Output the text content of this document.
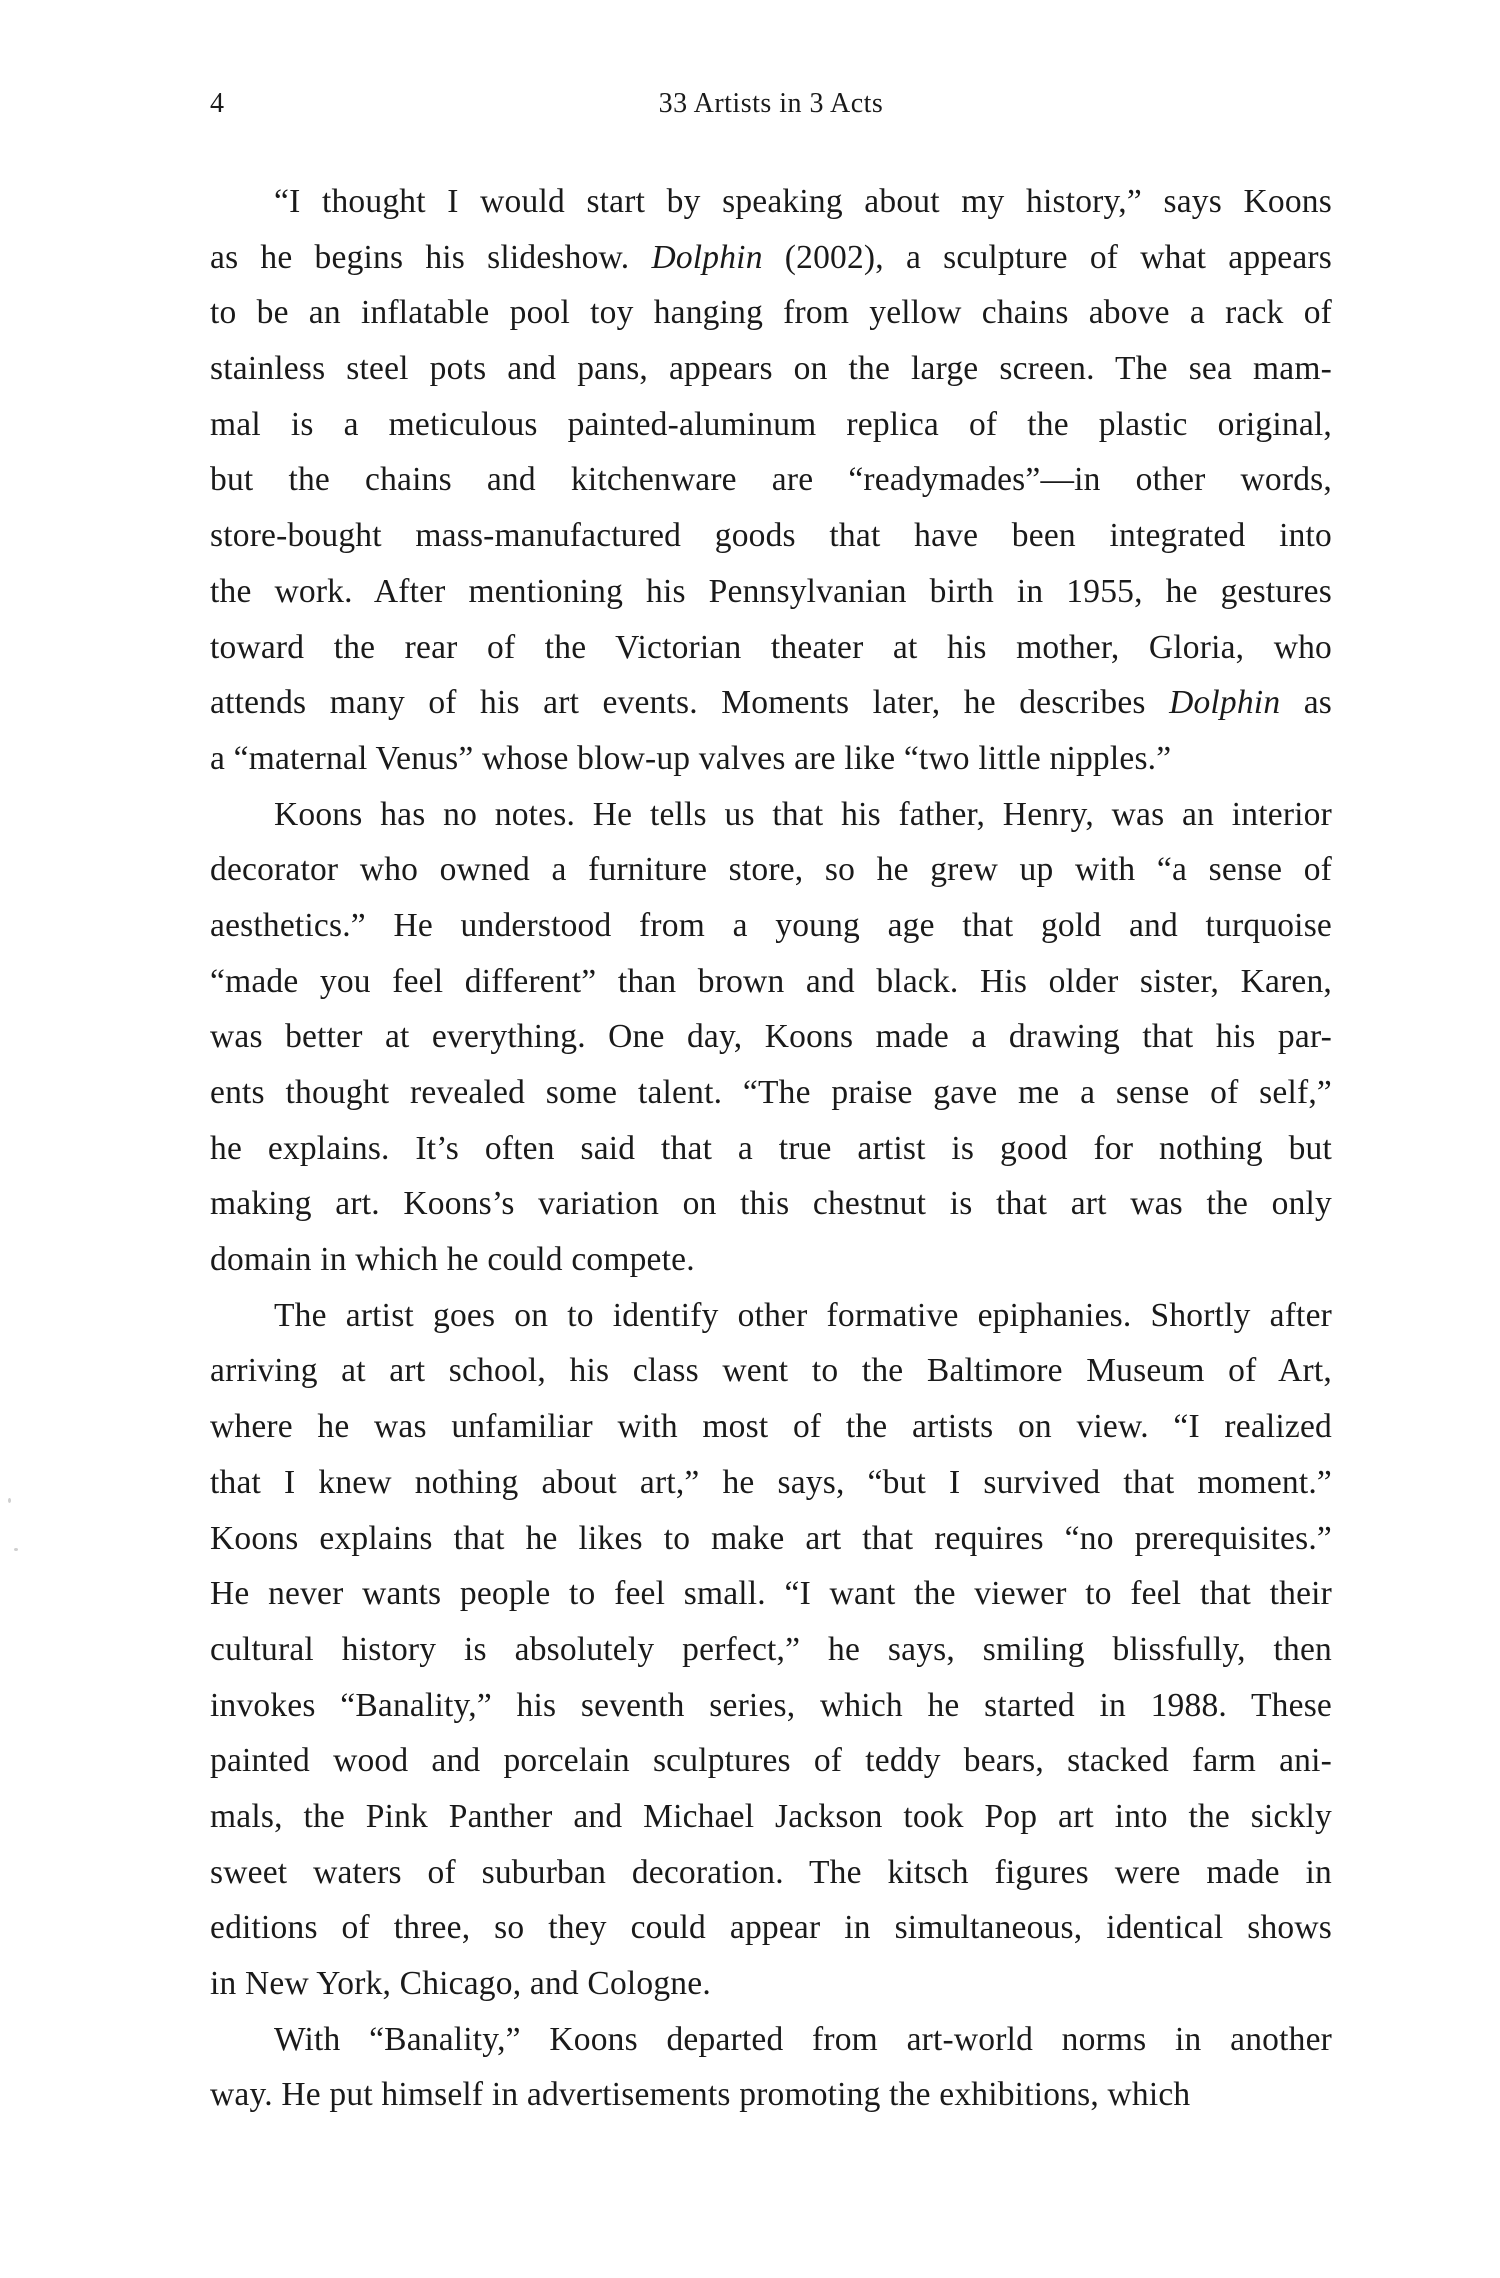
4	33 Artists in 3 Acts
“I thought I would start by speaking about my history,” says Koons
as he begins his slideshow. Dolphin (2002), a sculpture of what appears
to be an inflatable pool toy hanging from yellow chains above a rack of
stainless steel pots and pans, appears on the large screen. The sea mam-
mal is a meticulous painted-aluminum replica of the plastic original,
but the chains and kitchenware are “readymades”—in other words,
store-bought mass-manufactured goods that have been integrated into
the work. After mentioning his Pennsylvanian birth in 1955, he gestures
toward the rear of the Victorian theater at his mother, Gloria, who
attends many of his art events. Moments later, he describes Dolphin as
a “maternal Venus” whose blow-up valves are like “two little nipples.”
Koons has no notes. He tells us that his father, Henry, was an interior
decorator who owned a furniture store, so he grew up with “a sense of
aesthetics.” He understood from a young age that gold and turquoise
“made you feel different” than brown and black. His older sister, Karen,
was better at everything. One day, Koons made a drawing that his par-
ents thought revealed some talent. “The praise gave me a sense of self,”
he explains. It’s often said that a true artist is good for nothing but
making art. Koons’s variation on this chestnut is that art was the only
domain in which he could compete.
The artist goes on to identify other formative epiphanies. Shortly after
arriving at art school, his class went to the Baltimore Museum of Art,
where he was unfamiliar with most of the artists on view. “I realized
that I knew nothing about art,” he says, “but I survived that moment.”
Koons explains that he likes to make art that requires “no prerequisites.”
He never wants people to feel small. “I want the viewer to feel that their
cultural history is absolutely perfect,” he says, smiling blissfully, then
invokes “Banality,” his seventh series, which he started in 1988. These
painted wood and porcelain sculptures of teddy bears, stacked farm ani-
mals, the Pink Panther and Michael Jackson took Pop art into the sickly
sweet waters of suburban decoration. The kitsch figures were made in
editions of three, so they could appear in simultaneous, identical shows
in New York, Chicago, and Cologne.
With “Banality,” Koons departed from art-world norms in another
way. He put himself in advertisements promoting the exhibitions, which
